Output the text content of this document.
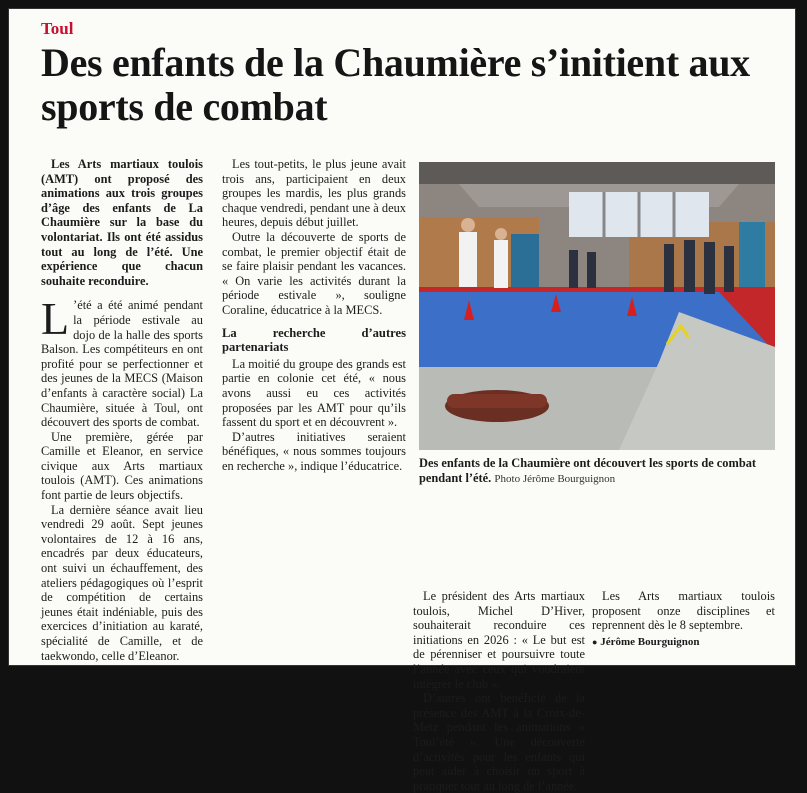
Toul
Des enfants de la Chaumière s’initient aux sports de combat

Les Arts martiaux toulois (AMT) ont proposé des animations aux trois groupes d’âge des enfants de La Chaumière sur la base du volontariat. Ils ont été assidus tout au long de l’été. Une expérience que chacun souhaite reconduire.

L ’été a été animé pendant la période estivale au dojo de la halle des sports Balson. Les compétiteurs en ont profité pour se perfectionner et des jeunes de la MECS (Maison d’enfants à caractère social) La Chaumière, située à Toul, ont découvert des sports de combat.

Une première, gérée par Camille et Eleanor, en service civique aux Arts martiaux toulois (AMT). Ces animations font partie de leurs objectifs.

La dernière séance avait lieu vendredi 29 août. Sept jeunes volontaires de 12 à 16 ans, encadrés par deux éducateurs, ont suivi un échauffement, des ateliers pédagogiques où l’esprit de compétition de certains jeunes était indéniable, puis des exercices d’initiation au karaté, spécialité de Camille, et de taekwondo, celle d’Eleanor.

Les tout-petits, le plus jeune avait trois ans, participaient en deux groupes les mardis, les plus grands chaque vendredi, pendant une à deux heures, depuis début juillet.

Outre la découverte de sports de combat, le premier objectif était de se faire plaisir pendant les vacances. « On varie les activités durant la période estivale », souligne Coraline, éducatrice à la MECS.

La recherche d’autres partenariats

La moitié du groupe des grands est partie en colonie cet été, « nous avons aussi eu ces activités proposées par les AMT pour qu’ils fassent du sport et en découvrent ».

D’autres initiatives seraient bénéfiques, « nous sommes toujours en recherche », indique l’éducatrice.	Des enfants de la Chaumière ont découvert les sports de combat pendant l’été. Photo Jérôme Bourguignon

Le président des Arts martiaux toulois, Michel D’Hiver, souhaiterait reconduire ces initiations en 2026 : « Le but est de pérenniser et poursuivre toute l’année avec ceux qui voudraient intégrer le club ».

D’autres ont bénéficié de la présence des AMT à la Croix-de-Metz pendant les animations « Toul’été ». Une découverte d’activités pour les enfants qui peut aider à choisir un sport à pratiquer tout au long de l’année.

Les Arts martiaux toulois proposent onze disciplines et reprennent dès le 8 septembre.

● Jérôme Bourguignon
